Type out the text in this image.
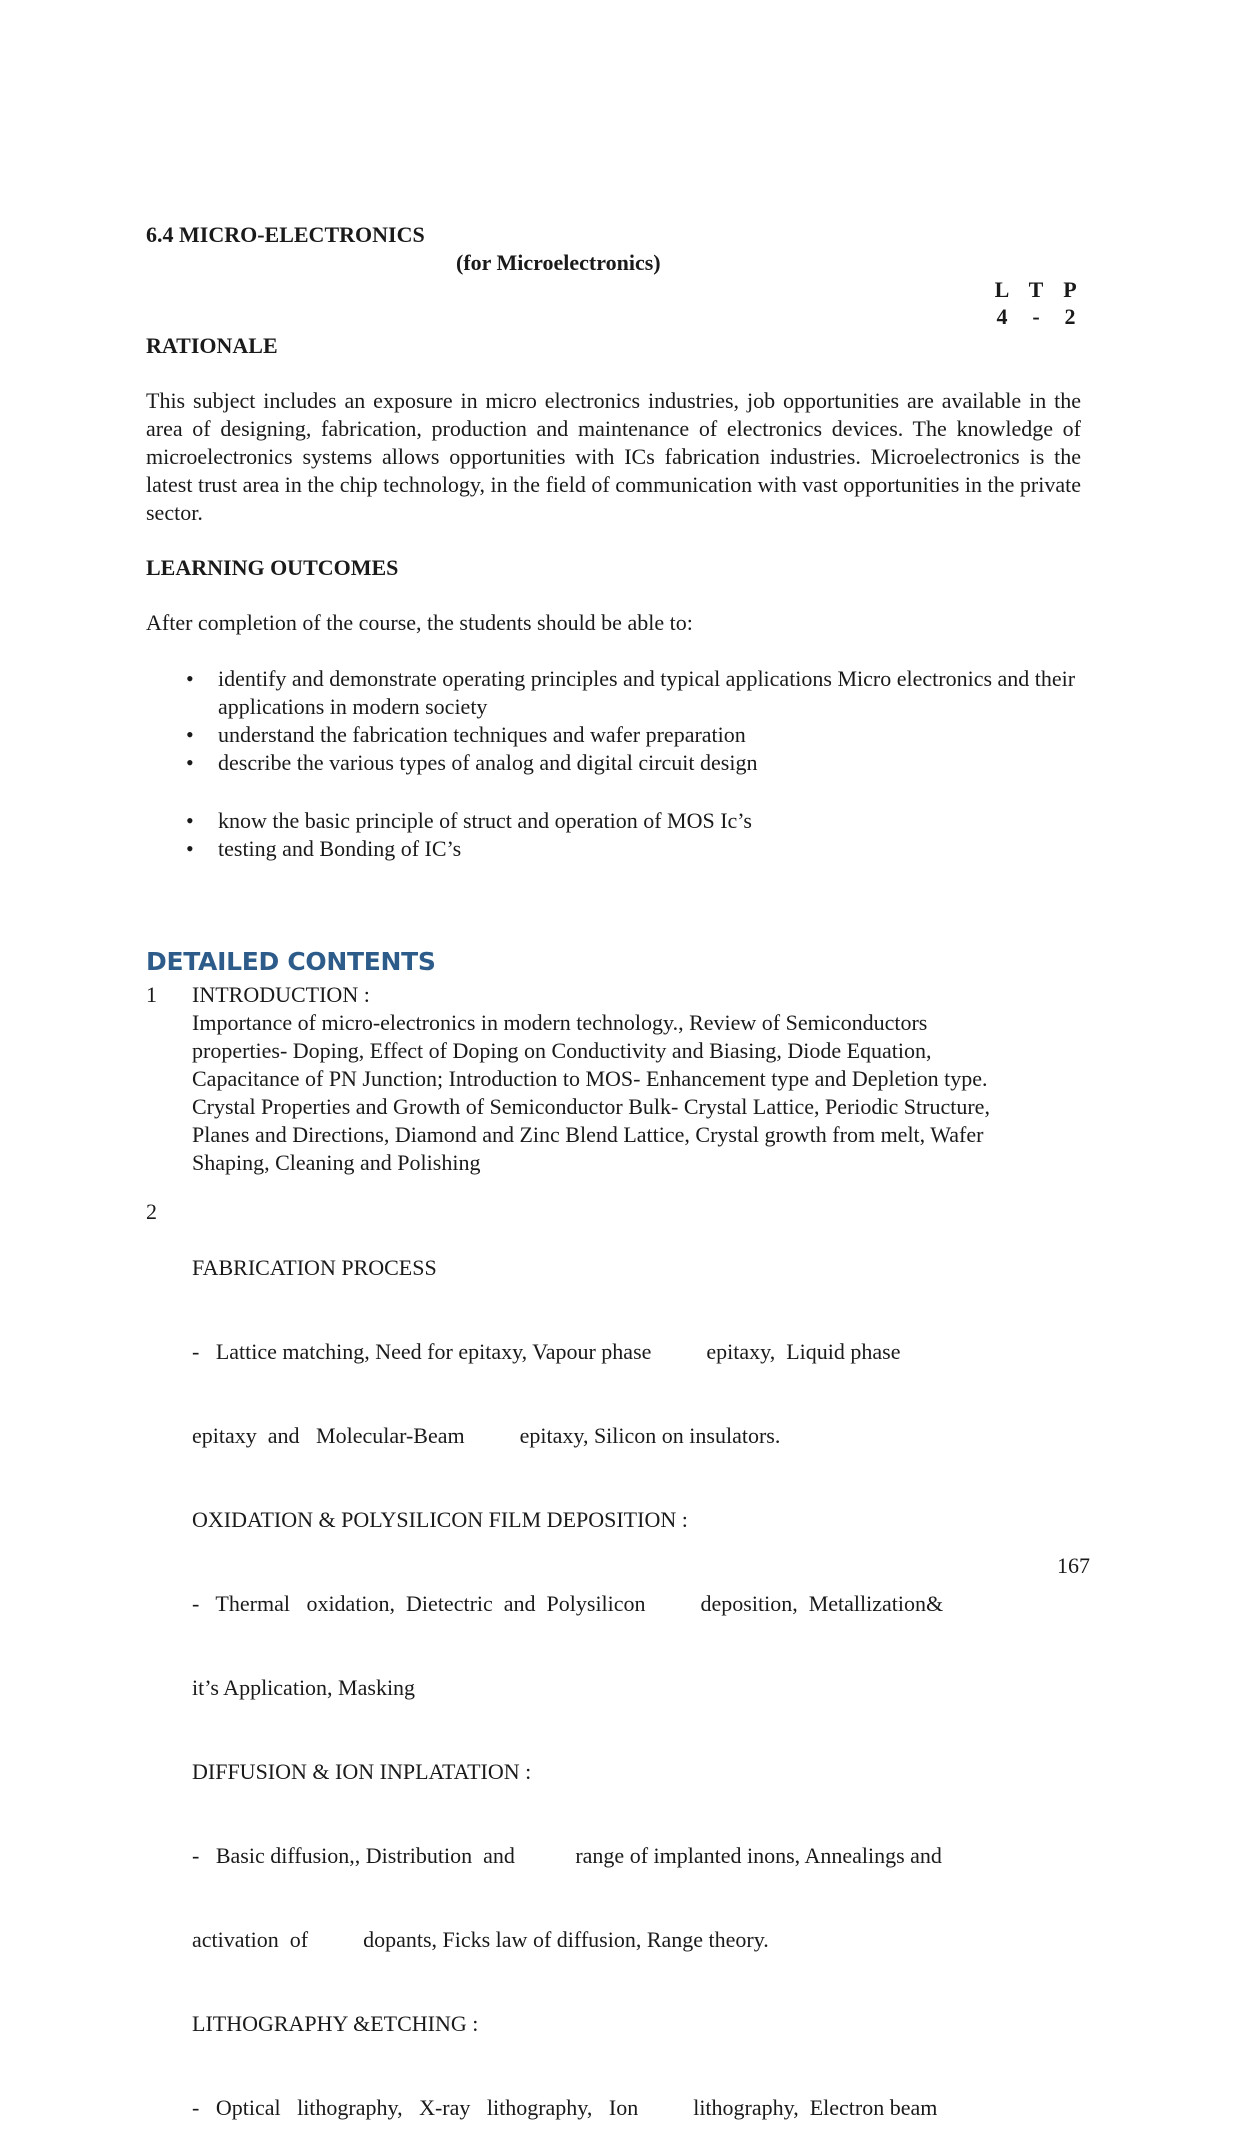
6.4 MICRO-ELECTRONICS
(for Microelectronics)
L T P
4	-	2
RATIONALE
This subject includes an exposure in micro electronics industries, job opportunities are available in the area of designing, fabrication, production and maintenance of electronics devices. The knowledge of microelectronics systems allows opportunities with ICs fabrication industries. Microelectronics is the latest trust area in the chip technology, in the field of communication with vast opportunities in the private sector.
LEARNING OUTCOMES
After completion of the course, the students should be able to:
• identify and demonstrate operating principles and typical applications Micro electronics and their applications in modern society
• understand the fabrication techniques and wafer preparation
• describe the various types of analog and digital circuit design
• know the basic principle of struct and operation of MOS Ic’s
• testing and Bonding of IC’s
DETAILED CONTENTS
1 INTRODUCTION :

Importance of micro-electronics in modern technology., Review of Semiconductors

properties- Doping, Effect of Doping on Conductivity and Biasing, Diode Equation,

Capacitance of PN Junction; Introduction to MOS- Enhancement type and Depletion type.

Crystal Properties and Growth of Semiconductor Bulk- Crystal Lattice, Periodic Structure,

Planes and Directions, Diamond and Zinc Blend Lattice, Crystal growth from melt, Wafer

Shaping, Cleaning and Polishing

2

FABRICATION PROCESS

-   Lattice matching, Need for epitaxy, Vapour phase          epitaxy,  Liquid phase

epitaxy  and   Molecular-Beam          epitaxy, Silicon on insulators.

OXIDATION & POLYSILICON FILM DEPOSITION :

-   Thermal   oxidation,  Dietectric  and  Polysilicon          deposition,  Metallization&

it’s Application, Masking

DIFFUSION & ION INPLATATION :

-   Basic diffusion,, Distribution  and           range of implanted inons, Annealings and

activation  of          dopants, Ficks law of diffusion, Range theory.

LITHOGRAPHY &ETCHING :

-   Optical   lithography,   X-ray   lithography,   Ion          lithography,  Electron beam

167
